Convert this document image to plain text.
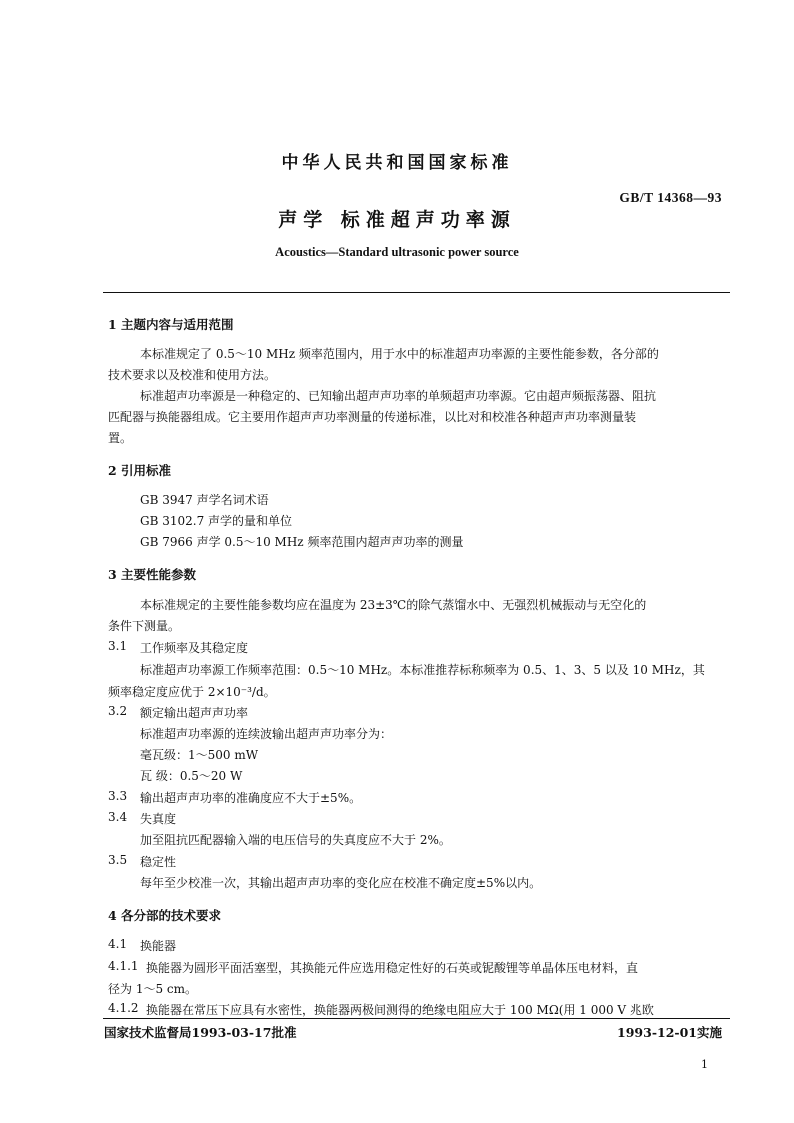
中华人民共和国国家标准
GB/T 14368—93
声学 标准超声功率源
Acoustics—Standard ultrasonic power source
1 主题内容与适用范围
本标准规定了 0.5～10 MHz 频率范围内，用于水中的标准超声功率源的主要性能参数，各分部的
技术要求以及校准和使用方法。
标准超声功率源是一种稳定的、已知输出超声声功率的单频超声功率源。它由超声频振荡器、阻抗
匹配器与换能器组成。它主要用作超声声功率测量的传递标准，以比对和校准各种超声声功率测量装
置。
2 引用标准
GB 3947 声学名词术语
GB 3102.7 声学的量和单位
GB 7966 声学 0.5～10 MHz 频率范围内超声声功率的测量
3 主要性能参数
本标准规定的主要性能参数均应在温度为 23±3℃的除气蒸馏水中、无强烈机械振动与无空化的
条件下测量。
3.1 工作频率及其稳定度
标准超声功率源工作频率范围：0.5～10 MHz。本标准推荐标称频率为 0.5、1、3、5 以及 10 MHz，其
频率稳定度应优于 2×10⁻³/d。
3.2 额定输出超声声功率
标准超声功率源的连续波输出超声声功率分为：
毫瓦级：1～500 mW
瓦 级：0.5～20 W
3.3 输出超声声功率的准确度应不大于±5%。
3.4 失真度
加至阻抗匹配器输入端的电压信号的失真度应不大于 2%。
3.5 稳定性
每年至少校准一次，其输出超声声功率的变化应在校准不确定度±5%以内。
4 各分部的技术要求
4.1 换能器
4.1.1 换能器为圆形平面活塞型，其换能元件应选用稳定性好的石英或铌酸锂等单晶体压电材料，直
径为 1～5 cm。
4.1.2 换能器在常压下应具有水密性，换能器两极间测得的绝缘电阻应大于 100 MΩ(用 1 000 V 兆欧
国家技术监督局1993-03-17批准	1993-12-01实施
1
